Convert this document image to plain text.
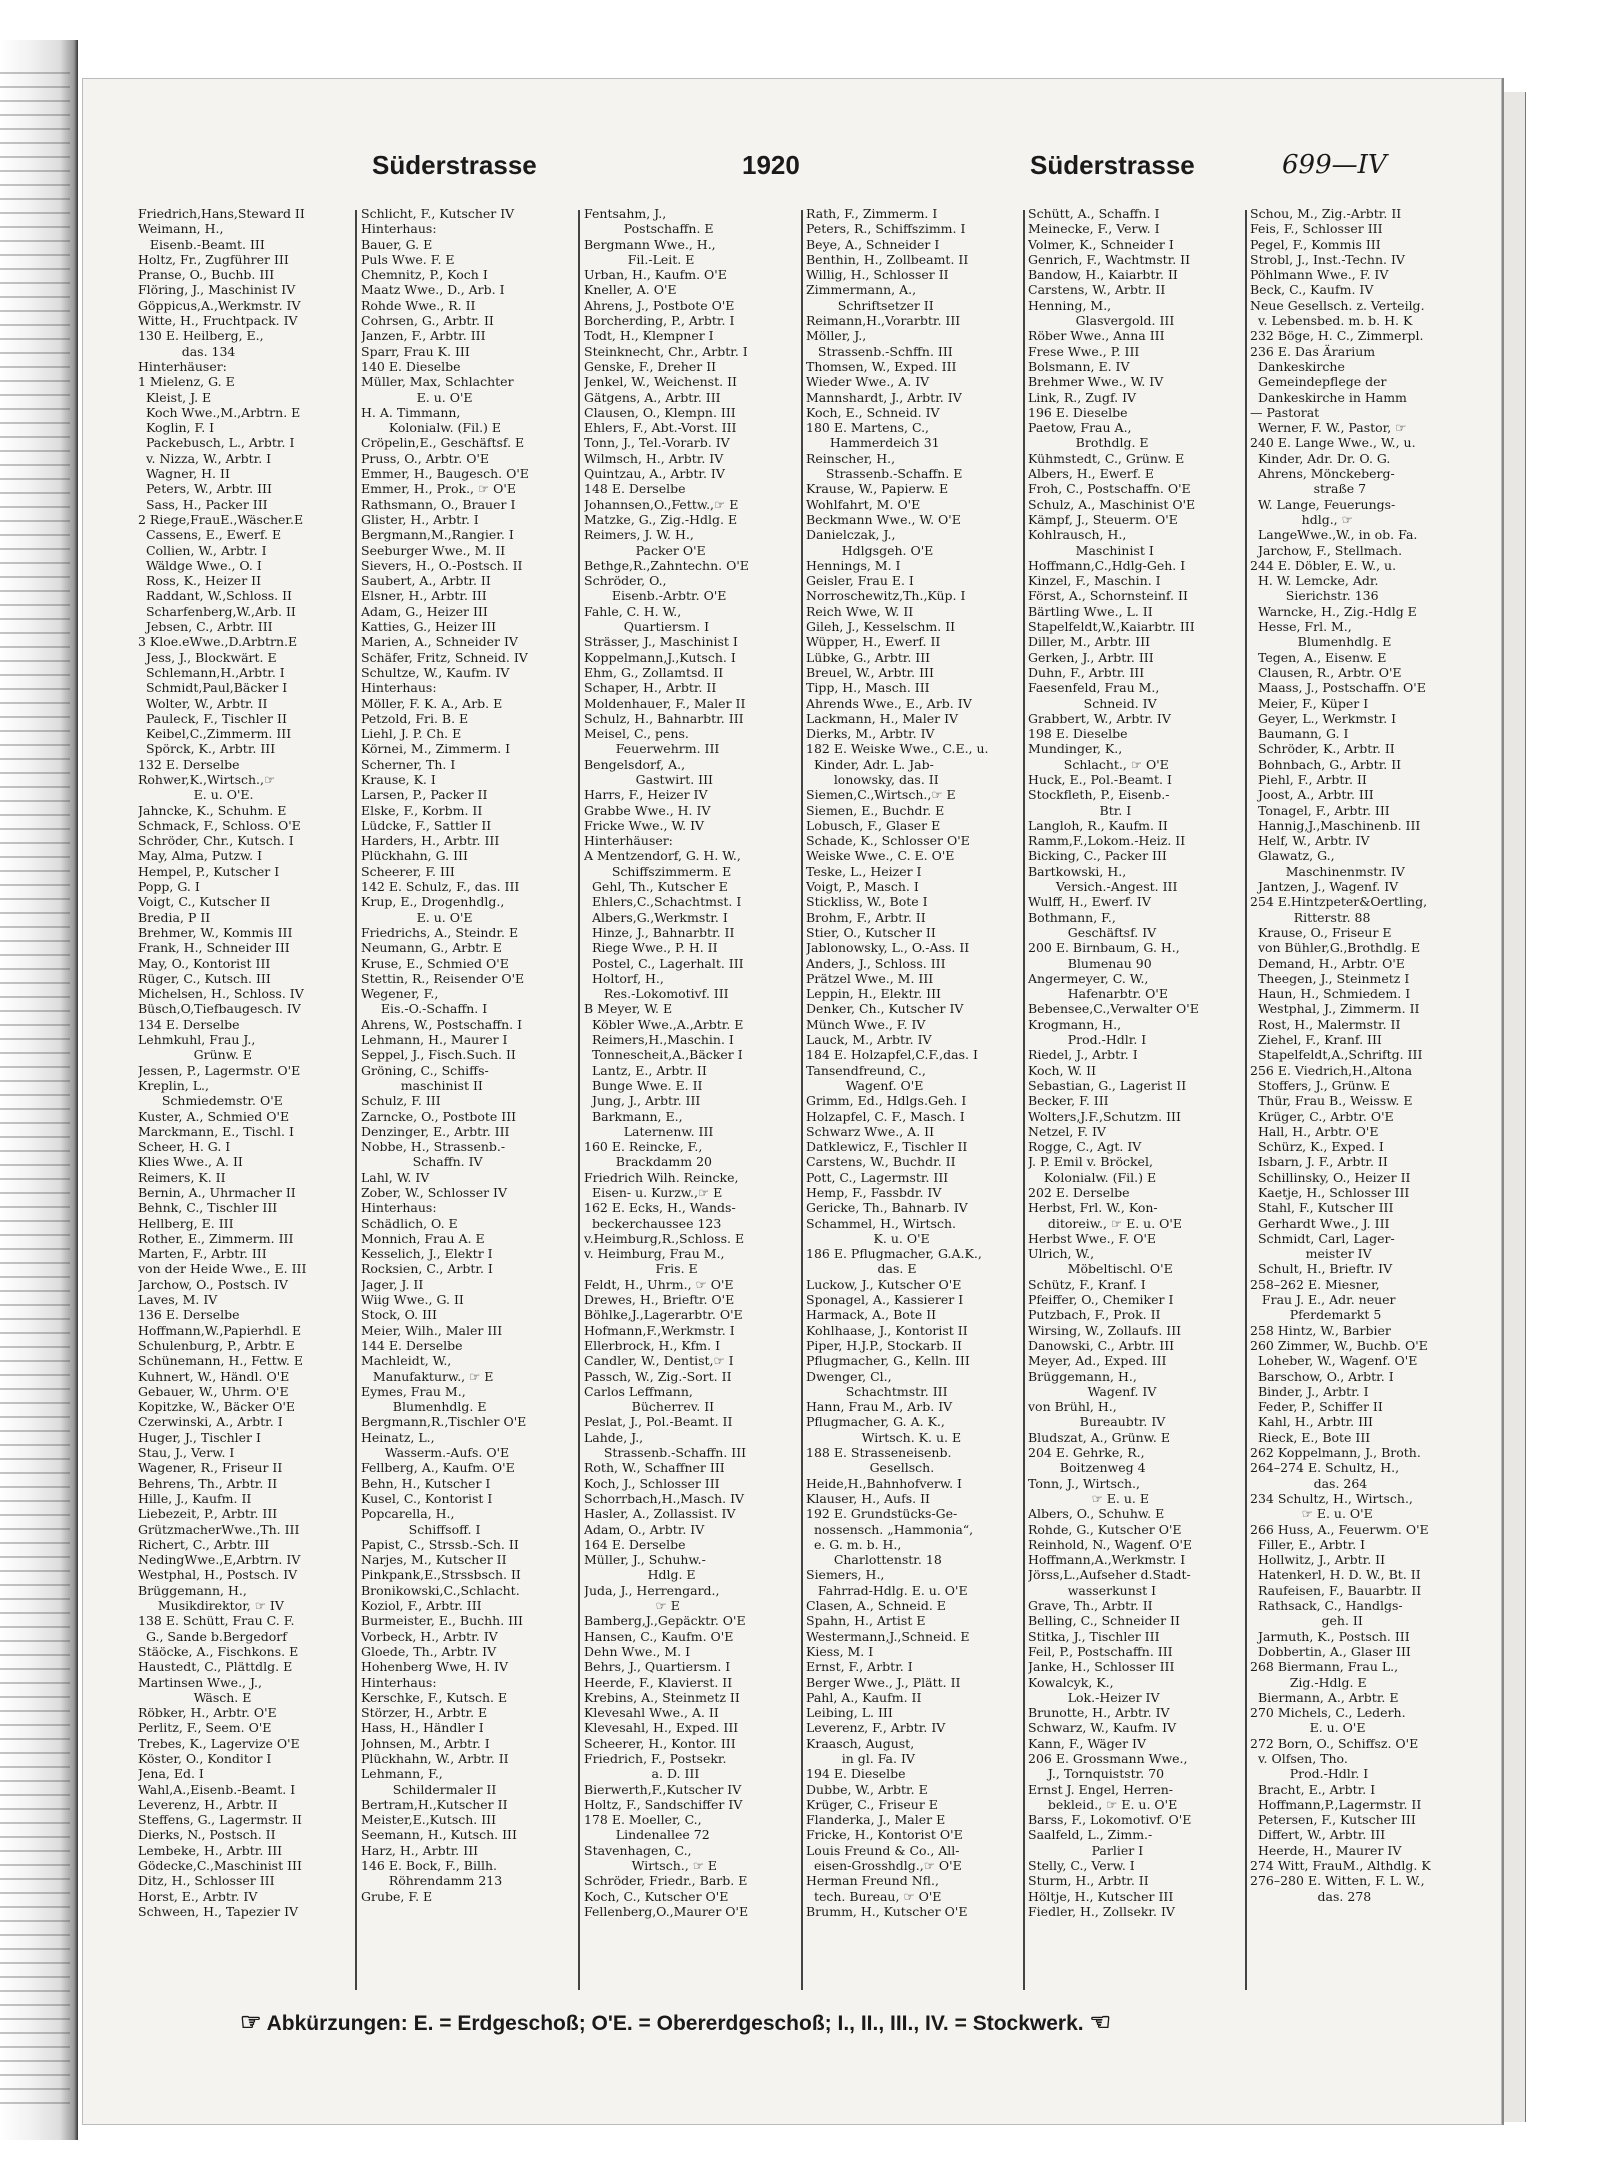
Süderstrasse	1920	Süderstrasse	699—IV
Friedrich,Hans,Steward II
Weimann, H.,
Eisenb.-Beamt. III
Holtz, Fr., Zugführer III
Pranse, O., Buchb. III
Flöring, J., Maschinist IV
Göppicus,A.,Werkmstr. IV
Witte, H., Fruchtpack. IV
130 E. Heilberg, E.,
das. 134
Hinterhäuser:
1 Mielenz, G. E
Kleist, J. E
Koch Wwe.,M.,Arbtrn. E
Koglin, F. I
Packebusch, L., Arbtr. I
v. Nizza, W., Arbtr. I
Wagner, H. II
Peters, W., Arbtr. III
Sass, H., Packer III
2 Riege,FrauE.,Wäscher.E
Cassens, E., Ewerf. E
Collien, W., Arbtr. I
Wäldge Wwe., O. I
Ross, K., Heizer II
Raddant, W.,Schloss. II
Scharfenberg,W.,Arb. II
Jebsen, C., Arbtr. III
3 Kloe.eWwe.,D.Arbtrn.E
Jess, J., Blockwärt. E
Schlemann,H.,Arbtr. I
Schmidt,Paul,Bäcker I
Wolter, W., Arbtr. II
Pauleck, F., Tischler II
Keibel,C.,Zimmerm. III
Spörck, K., Arbtr. III
132 E. Derselbe
Rohwer,K.,Wirtsch.,☞
E. u. O'E.
Jahncke, K., Schuhm. E
Schmack, F., Schloss. O'E
Schröder, Chr., Kutsch. I
May, Alma, Putzw. I
Hempel, P., Kutscher I
Popp, G. I
Voigt, C., Kutscher II
Bredia, P II
Brehmer, W., Kommis III
Frank, H., Schneider III
May, O., Kontorist III
Rüger, C., Kutsch. III
Michelsen, H., Schloss. IV
Büsch,O,Tiefbaugesch. IV
134 E. Derselbe
Lehmkuhl, Frau J.,
Grünw. E
Jessen, P., Lagermstr. O'E
Kreplin, L.,
Schmiedemstr. O'E
Kuster, A., Schmied O'E
Marckmann, E., Tischl. I
Scheer, H. G. I
Klies Wwe., A. II
Reimers, K. II
Bernin, A., Uhrmacher II
Behnk, C., Tischler III
Hellberg, E. III
Rother, E., Zimmerm. III
Marten, F., Arbtr. III
von der Heide Wwe., E. III
Jarchow, O., Postsch. IV
Laves, M. IV
136 E. Derselbe
Hoffmann,W.,Papierhdl. E
Schulenburg, P., Arbtr. E
Schünemann, H., Fettw. E
Kuhnert, W., Händl. O'E
Gebauer, W., Uhrm. O'E
Kopitzke, W., Bäcker O'E
Czerwinski, A., Arbtr. I
Huger, J., Tischler I
Stau, J., Verw. I
Wagener, R., Friseur II
Behrens, Th., Arbtr. II
Hille, J., Kaufm. II
Liebezeit, P., Arbtr. III
GrützmacherWwe.,Th. III
Richert, C., Arbtr. III
NedingWwe.,E,Arbtrn. IV
Westphal, H., Postsch. IV
Brüggemann, H.,
Musikdirektor, ☞ IV
138 E. Schütt, Frau C. F.
G., Sande b.Bergedorf
Stäöcke, A., Fischkons. E
Haustedt, C., Plättdlg. E
Martinsen Wwe., J.,
Wäsch. E
Röbker, H., Arbtr. O'E
Perlitz, F., Seem. O'E
Trebes, K., Lagervize O'E
Köster, O., Konditor I
Jena, Ed. I
Wahl,A.,Eisenb.-Beamt. I
Leverenz, H., Arbtr. II
Steffens, G., Lagermstr. II
Dierks, N., Postsch. II
Lembeke, H., Arbtr. III
Gödecke,C.,Maschinist III
Ditz, H., Schlosser III
Horst, E., Arbtr. IV
Schween, H., Tapezier IV
Schlicht, F., Kutscher IV
Hinterhaus:
Bauer, G. E
Puls Wwe. F. E
Chemnitz, P., Koch I
Maatz Wwe., D., Arb. I
Rohde Wwe., R. II
Cohrsen, G., Arbtr. II
Janzen, F., Arbtr. III
Sparr, Frau K. III
140 E. Dieselbe
Müller, Max, Schlachter
E. u. O'E
H. A. Timmann,
Kolonialw. (Fil.) E
Cröpelin,E., Geschäftsf. E
Pruss, O., Arbtr. O'E
Emmer, H., Baugesch. O'E
Emmer, H., Prok., ☞ O'E
Rathsmann, O., Brauer I
Glister, H., Arbtr. I
Bergmann,M.,Rangier. I
Seeburger Wwe., M. II
Sievers, H., O.-Postsch. II
Saubert, A., Arbtr. II
Elsner, H., Arbtr. III
Adam, G., Heizer III
Katties, G., Heizer III
Marien, A., Schneider IV
Schäfer, Fritz, Schneid. IV
Schultze, W., Kaufm. IV
Hinterhaus:
Möller, F. K. A., Arb. E
Petzold, Fri. B. E
Liehl, J. P. Ch. E
Körnei, M., Zimmerm. I
Scherner, Th. I
Krause, K. I
Larsen, P., Packer II
Elske, F., Korbm. II
Lüdcke, F., Sattler II
Harders, H., Arbtr. III
Plückhahn, G. III
Scheerer, F. III
142 E. Schulz, F., das. III
Krup, E., Drogenhdlg.,
E. u. O'E
Friedrichs, A., Steindr. E
Neumann, G., Arbtr. E
Kruse, E., Schmied O'E
Stettin, R., Reisender O'E
Wegener, F.,
Eis.-O.-Schaffn. I
Ahrens, W., Postschaffn. I
Lehmann, H., Maurer I
Seppel, J., Fisch.Such. II
Gröning, C., Schiffs-
maschinist II
Schulz, F. III
Zarncke, O., Postbote III
Denzinger, E., Arbtr. III
Nobbe, H., Strassenb.-
Schaffn. IV
Lahl, W. IV
Zober, W., Schlosser IV
Hinterhaus:
Schädlich, O. E
Monnich, Frau A. E
Kesselich, J., Elektr I
Rocksien, C., Arbtr. I
Jager, J. II
Wiig Wwe., G. II
Stock, O. III
Meier, Wilh., Maler III
144 E. Derselbe
Machleidt, W.,
Manufakturw., ☞ E
Eymes, Frau M.,
Blumenhdlg. E
Bergmann,R.,Tischler O'E
Heinatz, L.,
Wasserm.-Aufs. O'E
Fellberg, A., Kaufm. O'E
Behn, H., Kutscher I
Kusel, C., Kontorist I
Popcarella, H.,
Schiffsoff. I
Papist, C., Strssb.-Sch. II
Narjes, M., Kutscher II
Pinkpank,E.,Strssbsch. II
Bronikowski,C.,Schlacht.
Koziol, F., Arbtr. III
Burmeister, E., Buchh. III
Vorbeck, H., Arbtr. IV
Gloede, Th., Arbtr. IV
Hohenberg Wwe, H. IV
Hinterhaus:
Kerschke, F., Kutsch. E
Störzer, H., Arbtr. E
Hass, H., Händler I
Johnsen, M., Arbtr. I
Plückhahn, W., Arbtr. II
Lehmann, F.,
Schildermaler II
Bertram,H.,Kutscher II
Meister,E.,Kutsch. III
Seemann, H., Kutsch. III
Harz, H., Arbtr. III
146 E. Bock, F., Billh.
Röhrendamm 213
Grube, F. E
Fentsahm, J.,
Postschaffn. E
Bergmann Wwe., H.,
Fil.-Leit. E
Urban, H., Kaufm. O'E
Kneller, A. O'E
Ahrens, J., Postbote O'E
Borcherding, P., Arbtr. I
Todt, H., Klempner I
Steinknecht, Chr., Arbtr. I
Genske, F., Dreher II
Jenkel, W., Weichenst. II
Gätgens, A., Arbtr. III
Clausen, O., Klempn. III
Ehlers, F., Abt.-Vorst. III
Tonn, J., Tel.-Vorarb. IV
Wilmsch, H., Arbtr. IV
Quintzau, A., Arbtr. IV
148 E. Derselbe
Johannsen,O.,Fettw.,☞ E
Matzke, G., Zig.-Hdlg. E
Reimers, J. W. H.,
Packer O'E
Bethge,R.,Zahntechn. O'E
Schröder, O.,
Eisenb.-Arbtr. O'E
Fahle, C. H. W.,
Quartiersm. I
Strässer, J., Maschinist I
Koppelmann,J.,Kutsch. I
Ehm, G., Zollamtsd. II
Schaper, H., Arbtr. II
Moldenhauer, F., Maler II
Schulz, H., Bahnarbtr. III
Meisel, C., pens.
Feuerwehrm. III
Bengelsdorf, A.,
Gastwirt. III
Harrs, F., Heizer IV
Grabbe Wwe., H. IV
Fricke Wwe., W. IV
Hinterhäuser:
A Mentzendorf, G. H. W.,
Schiffszimmerm. E
Gehl, Th., Kutscher E
Ehlers,C.,Schachtmst. I
Albers,G.,Werkmstr. I
Hinze, J., Bahnarbtr. II
Riege Wwe., P. H. II
Postel, C., Lagerhalt. III
Holtorf, H.,
Res.-Lokomotivf. III
B Meyer, W. E
Köbler Wwe.,A.,Arbtr. E
Reimers,H.,Maschin. I
Tonnescheit,A.,Bäcker I
Lantz, E., Arbtr. II
Bunge Wwe. E. II
Jung, J., Arbtr. III
Barkmann, E.,
Laternenw. III
160 E. Reincke, F.,
Brackdamm 20
Friedrich Wilh. Reincke,
Eisen- u. Kurzw.,☞ E
162 E. Ecks, H., Wands-
beckerchaussee 123
v.Heimburg,R.,Schloss. E
v. Heimburg, Frau M.,
Fris. E
Feldt, H., Uhrm., ☞ O'E
Drewes, H., Brieftr. O'E
Böhlke,J.,Lagerarbtr. O'E
Hofmann,F.,Werkmstr. I
Ellerbrock, H., Kfm. I
Candler, W., Dentist,☞ I
Passch, W., Zig.-Sort. II
Carlos Leffmann,
Bücherrev. II
Peslat, J., Pol.-Beamt. II
Lahde, J.,
Strassenb.-Schaffn. III
Roth, W., Schaffner III
Koch, J., Schlosser III
Schorrbach,H.,Masch. IV
Hasler, A., Zollassist. IV
Adam, O., Arbtr. IV
164 E. Derselbe
Müller, J., Schuhw.-
Hdlg. E
Juda, J., Herrengard.,
☞ E
Bamberg,J.,Gepäcktr. O'E
Hansen, C., Kaufm. O'E
Dehn Wwe., M. I
Behrs, J., Quartiersm. I
Heerde, F., Klavierst. II
Krebins, A., Steinmetz II
Klevesahl Wwe., A. II
Klevesahl, H., Exped. III
Scheerer, H., Kontor. III
Friedrich, F., Postsekr.
a. D. III
Bierwerth,F.,Kutscher IV
Holtz, F., Sandschiffer IV
178 E. Moeller, C.,
Lindenallee 72
Stavenhagen, C.,
Wirtsch., ☞ E
Schröder, Friedr., Barb. E
Koch, C., Kutscher O'E
Fellenberg,O.,Maurer O'E
Rath, F., Zimmerm. I
Peters, R., Schiffszimm. I
Beye, A., Schneider I
Benthin, H., Zollbeamt. II
Willig, H., Schlosser II
Zimmermann, A.,
Schriftsetzer II
Reimann,H.,Vorarbtr. III
Möller, J.,
Strassenb.-Schffn. III
Thomsen, W., Exped. III
Wieder Wwe., A. IV
Mannshardt, J., Arbtr. IV
Koch, E., Schneid. IV
180 E. Martens, C.,
Hammerdeich 31
Reinscher, H.,
Strassenb.-Schaffn. E
Krause, W., Papierw. E
Wohlfahrt, M. O'E
Beckmann Wwe., W. O'E
Danielczak, J.,
Hdlgsgeh. O'E
Hennings, M. I
Geisler, Frau E. I
Norroschewitz,Th.,Küp. I
Reich Wwe, W. II
Gileh, J., Kesselschm. II
Wüpper, H., Ewerf. II
Lübke, G., Arbtr. III
Breuel, W., Arbtr. III
Tipp, H., Masch. III
Ahrends Wwe., E., Arb. IV
Lackmann, H., Maler IV
Dierks, M., Arbtr. IV
182 E. Weiske Wwe., C.E., u.
Kinder, Adr. L. Jab-
lonowsky, das. II
Siemen,C.,Wirtsch.,☞ E
Siemen, E., Buchdr. E
Lobusch, F., Glaser E
Schade, K., Schlosser O'E
Weiske Wwe., C. E. O'E
Teske, L., Heizer I
Voigt, P., Masch. I
Stickliss, W., Bote I
Brohm, F., Arbtr. II
Stier, O., Kutscher II
Jablonowsky, L., O.-Ass. II
Anders, J., Schloss. III
Prätzel Wwe., M. III
Leppin, H., Elektr. III
Denker, Ch., Kutscher IV
Münch Wwe., F. IV
Lauck, M., Arbtr. IV
184 E. Holzapfel,C.F.,das. I
Tansendfreund, C.,
Wagenf. O'E
Grimm, Ed., Hdlgs.Geh. I
Holzapfel, C. F., Masch. I
Schwarz Wwe., A. II
Datklewicz, F., Tischler II
Carstens, W., Buchdr. II
Pott, C., Lagermstr. III
Hemp, F., Fassbdr. IV
Gericke, Th., Bahnarb. IV
Schammel, H., Wirtsch.
K. u. O'E
186 E. Pflugmacher, G.A.K.,
das. E
Luckow, J., Kutscher O'E
Sponagel, A., Kassierer I
Harmack, A., Bote II
Kohlhaase, J., Kontorist II
Piper, H.J.P., Stockarb. II
Pflugmacher, G., Kelln. III
Dwenger, Cl.,
Schachtmstr. III
Hann, Frau M., Arb. IV
Pflugmacher, G. A. K.,
Wirtsch. K. u. E
188 E. Strasseneisenb.
Gesellsch.
Heide,H.,Bahnhofverw. I
Klauser, H., Aufs. II
192 E. Grundstücks-Ge-
nossensch. „Hammonia“,
e. G. m. b. H.,
Charlottenstr. 18
Siemers, H.,
Fahrrad-Hdlg. E. u. O'E
Clasen, A., Schneid. E
Spahn, H., Artist E
Westermann,J.,Schneid. E
Kiess, M. I
Ernst, F., Arbtr. I
Berger Wwe., J., Plätt. II
Pahl, A., Kaufm. II
Leibing, L. III
Leverenz, F., Arbtr. IV
Kraasch, August,
in gl. Fa. IV
194 E. Dieselbe
Dubbe, W., Arbtr. E
Krüger, C., Friseur E
Flanderka, J., Maler E
Fricke, H., Kontorist O'E
Louis Freund & Co., All-
eisen-Grosshdlg.,☞ O'E
Herman Freund Nfl.,
tech. Bureau, ☞ O'E
Brumm, H., Kutscher O'E
Schütt, A., Schaffn. I
Meinecke, F., Verw. I
Volmer, K., Schneider I
Genrich, F., Wachtmstr. II
Bandow, H., Kaiarbtr. II
Carstens, W., Arbtr. II
Henning, M.,
Glasvergold. III
Röber Wwe., Anna III
Frese Wwe., P. III
Bolsmann, E. IV
Brehmer Wwe., W. IV
Link, R., Zugf. IV
196 E. Dieselbe
Paetow, Frau A.,
Brothdlg. E
Kühmstedt, C., Grünw. E
Albers, H., Ewerf. E
Froh, C., Postschaffn. O'E
Schulz, A., Maschinist O'E
Kämpf, J., Steuerm. O'E
Kohlrausch, H.,
Maschinist I
Hoffmann,C.,Hdlg-Geh. I
Kinzel, F., Maschin. I
Först, A., Schornsteinf. II
Bärtling Wwe., L. II
Stapelfeldt,W.,Kaiarbtr. III
Diller, M., Arbtr. III
Gerken, J., Arbtr. III
Duhn, F., Arbtr. III
Faesenfeld, Frau M.,
Schneid. IV
Grabbert, W., Arbtr. IV
198 E. Dieselbe
Mundinger, K.,
Schlacht., ☞ O'E
Huck, E., Pol.-Beamt. I
Stockfleth, P., Eisenb.-
Btr. I
Langloh, R., Kaufm. II
Ramm,F.,Lokom.-Heiz. II
Bicking, C., Packer III
Bartkowski, H.,
Versich.-Angest. III
Wulff, H., Ewerf. IV
Bothmann, F.,
Geschäftsf. IV
200 E. Birnbaum, G. H.,
Blumenau 90
Angermeyer, C. W.,
Hafenarbtr. O'E
Bebensee,C.,Verwalter O'E
Krogmann, H.,
Prod.-Hdlr. I
Riedel, J., Arbtr. I
Koch, W. II
Sebastian, G., Lagerist II
Becker, F. III
Wolters,J.F.,Schutzm. III
Netzel, F. IV
Rogge, C., Agt. IV
J. P. Emil v. Bröckel,
Kolonialw. (Fil.) E
202 E. Derselbe
Herbst, Frl. W., Kon-
ditoreiw., ☞ E. u. O'E
Herbst Wwe., F. O'E
Ulrich, W.,
Möbeltischl. O'E
Schütz, F., Kranf. I
Pfeiffer, O., Chemiker I
Putzbach, F., Prok. II
Wirsing, W., Zollaufs. III
Danowski, C., Arbtr. III
Meyer, Ad., Exped. III
Brüggemann, H.,
Wagenf. IV
von Brühl, H.,
Bureaubtr. IV
Bludszat, A., Grünw. E
204 E. Gehrke, R.,
Boitzenweg 4
Tonn, J., Wirtsch.,
☞ E. u. E
Albers, O., Schuhw. E
Rohde, G., Kutscher O'E
Reinhold, N., Wagenf. O'E
Hoffmann,A.,Werkmstr. I
Jörss,L.,Aufseher d.Stadt-
wasserkunst I
Grave, Th., Arbtr. II
Belling, C., Schneider II
Stitka, J., Tischler III
Feil, P., Postschaffn. III
Janke, H., Schlosser III
Kowalcyk, K.,
Lok.-Heizer IV
Brunotte, H., Arbtr. IV
Schwarz, W., Kaufm. IV
Kann, F., Wäger IV
206 E. Grossmann Wwe.,
J., Tornquiststr. 70
Ernst J. Engel, Herren-
bekleid., ☞ E. u. O'E
Barss, F., Lokomotivf. O'E
Saalfeld, L., Zimm.-
Parlier I
Stelly, C., Verw. I
Sturm, H., Arbtr. II
Höltje, H., Kutscher III
Fiedler, H., Zollsekr. IV
Schou, M., Zig.-Arbtr. II
Feis, F., Schlosser III
Pegel, F., Kommis III
Strobl, J., Inst.-Techn. IV
Pöhlmann Wwe., F. IV
Beck, C., Kaufm. IV
Neue Gesellsch. z. Verteilg.
v. Lebensbed. m. b. H. K
232 Böge, H. C., Zimmerpl.
236 E. Das Ärarium
Dankeskirche
Gemeindepflege der
Dankeskirche in Hamm
— Pastorat
Werner, F. W., Pastor, ☞
240 E. Lange Wwe., W., u.
Kinder, Adr. Dr. O. G.
Ahrens, Mönckeberg-
straße 7
W. Lange, Feuerungs-
hdlg., ☞
LangeWwe.,W., in ob. Fa.
Jarchow, F., Stellmach.
244 E. Döbler, E. W., u.
H. W. Lemcke, Adr.
Sierichstr. 136
Warncke, H., Zig.-Hdlg E
Hesse, Frl. M.,
Blumenhdlg. E
Tegen, A., Eisenw. E
Clausen, R., Arbtr. O'E
Maass, J., Postschaffn. O'E
Meier, F., Küper I
Geyer, L., Werkmstr. I
Baumann, G. I
Schröder, K., Arbtr. II
Bohnbach, G., Arbtr. II
Piehl, F., Arbtr. II
Joost, A., Arbtr. III
Tonagel, F., Arbtr. III
Hannig,J.,Maschinenb. III
Helf, W., Arbtr. IV
Glawatz, G.,
Maschinenmstr. IV
Jantzen, J., Wagenf. IV
254 E.Hintzpeter&Oertling,
Ritterstr. 88
Krause, O., Friseur E
von Bühler,G.,Brothdlg. E
Demand, H., Arbtr. O'E
Theegen, J., Steinmetz I
Haun, H., Schmiedem. I
Westphal, J., Zimmerm. II
Rost, H., Malermstr. II
Ziehel, F., Kranf. III
Stapelfeldt,A.,Schriftg. III
256 E. Viedrich,H.,Altona
Stoffers, J., Grünw. E
Thür, Frau B., Weissw. E
Krüger, C., Arbtr. O'E
Hall, H., Arbtr. O'E
Schürz, K., Exped. I
Isbarn, J. F., Arbtr. II
Schillinsky, O., Heizer II
Kaetje, H., Schlosser III
Stahl, F., Kutscher III
Gerhardt Wwe., J. III
Schmidt, Carl, Lager-
meister IV
Schult, H., Brieftr. IV
258–262 E. Miesner,
Frau J. E., Adr. neuer
Pferdemarkt 5
258 Hintz, W., Barbier
260 Zimmer, W., Buchb. O'E
Loheber, W., Wagenf. O'E
Barschow, O., Arbtr. I
Binder, J., Arbtr. I
Feder, P., Schiffer II
Kahl, H., Arbtr. III
Rieck, E., Bote III
262 Koppelmann, J., Broth.
264–274 E. Schultz, H.,
das. 264
234 Schultz, H., Wirtsch.,
☞ E. u. O'E
266 Huss, A., Feuerwm. O'E
Filler, E., Arbtr. I
Hollwitz, J., Arbtr. II
Hatenkerl, H. D. W., Bt. II
Raufeisen, F., Bauarbtr. II
Rathsack, C., Handlgs-
geh. II
Jarmuth, K., Postsch. III
Dobbertin, A., Glaser III
268 Biermann, Frau L.,
Zig.-Hdlg. E
Biermann, A., Arbtr. E
270 Michels, C., Lederh.
E. u. O'E
272 Born, O., Schiffsz. O'E
v. Olfsen, Tho.
Prod.-Hdlr. I
Bracht, E., Arbtr. I
Hoffmann,P.,Lagermstr. II
Petersen, F., Kutscher III
Differt, W., Arbtr. III
Heerde, H., Maurer IV
274 Witt, FrauM., Althdlg. K
276–280 E. Witten, F. L. W.,
das. 278
☞ Abkürzungen: E. = Erdgeschoß; O'E. = Obererdgeschoß; I., II., III., IV. = Stockwerk. ☜
